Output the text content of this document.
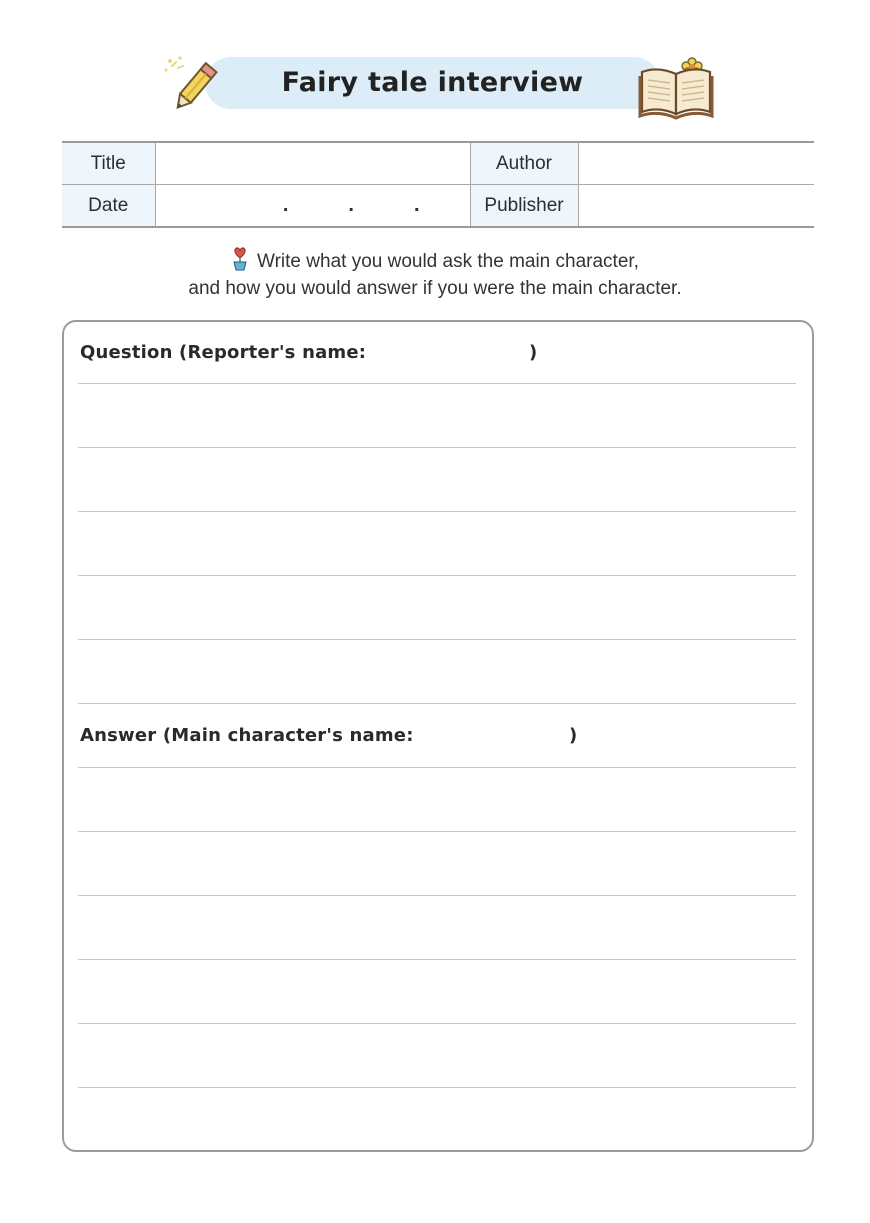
Fairy tale interview
Title		Author	
Date	. . .	Publisher	
Write what you would ask the main character,
and how you would answer if you were the main character.
Question (Reporter's name:	)
Answer (Main character's name:	)
